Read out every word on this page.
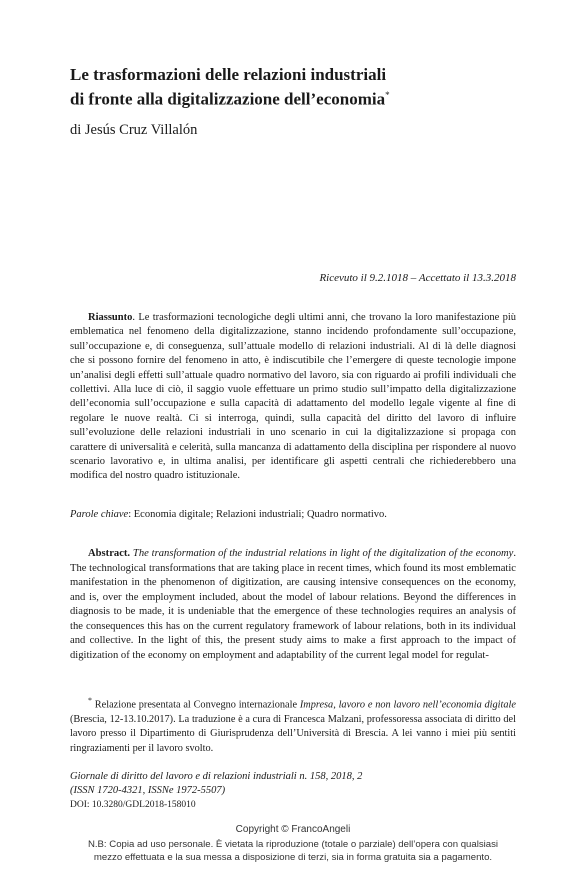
Le trasformazioni delle relazioni industriali
di fronte alla digitalizzazione dell’economia*
di Jesús Cruz Villalón
Ricevuto il 9.2.1018 – Accettato il 13.3.2018
Riassunto. Le trasformazioni tecnologiche degli ultimi anni, che trovano la loro manifestazione più emblematica nel fenomeno della digitalizzazione, stanno incidendo profondamente sull’occupazione, sull’occupazione e, di conseguenza, sull’attuale modello di relazioni industriali. Al di là delle diagnosi che si possono fornire del fenomeno in atto, è indiscutibile che l’emergere di queste tecnologie impone un’analisi degli effetti sull’attuale quadro normativo del lavoro, sia con riguardo ai profili individuali che collettivi. Alla luce di ciò, il saggio vuole effettuare un primo studio sull’impatto della digitalizzazione dell’economia sull’occupazione e sulla capacità di adattamento del modello legale vigente al fine di regolare le nuove realtà. Ci si interroga, quindi, sulla capacità del diritto del lavoro di influire sull’evoluzione delle relazioni industriali in uno scenario in cui la digitalizzazione si propaga con carattere di universalità e celerità, sulla mancanza di adattamento della disciplina per rispondere al nuovo scenario lavorativo e, in ultima analisi, per identificare gli aspetti centrali che richiederebbero una modifica del nostro quadro istituzionale.
Parole chiave: Economia digitale; Relazioni industriali; Quadro normativo.
Abstract. The transformation of the industrial relations in light of the digitalization of the economy. The technological transformations that are taking place in recent times, which found its most emblematic manifestation in the phenomenon of digitization, are causing intensive consequences on the economy, and is, over the employment included, about the model of labour relations. Beyond the differences in diagnosis to be made, it is undeniable that the emergence of these technologies requires an analysis of the consequences this has on the current regulatory framework of labour relations, both in its individual and collective. In the light of this, the present study aims to make a first approach to the impact of digitization of the economy on employment and adaptability of the current legal model for regulat-
* Relazione presentata al Convegno internazionale Impresa, lavoro e non lavoro nell’economia digitale (Brescia, 12-13.10.2017). La traduzione è a cura di Francesca Malzani, professoressa associata di diritto del lavoro presso il Dipartimento di Giurisprudenza dell’Università di Brescia. A lei vanno i miei più sentiti ringraziamenti per il lavoro svolto.
Giornale di diritto del lavoro e di relazioni industriali n. 158, 2018, 2
(ISSN 1720-4321, ISSNe 1972-5507)
DOI: 10.3280/GDL2018-158010
Copyright © FrancoAngeli
N.B: Copia ad uso personale. È vietata la riproduzione (totale o parziale) dell’opera con qualsiasi
mezzo effettuata e la sua messa a disposizione di terzi, sia in forma gratuita sia a pagamento.
